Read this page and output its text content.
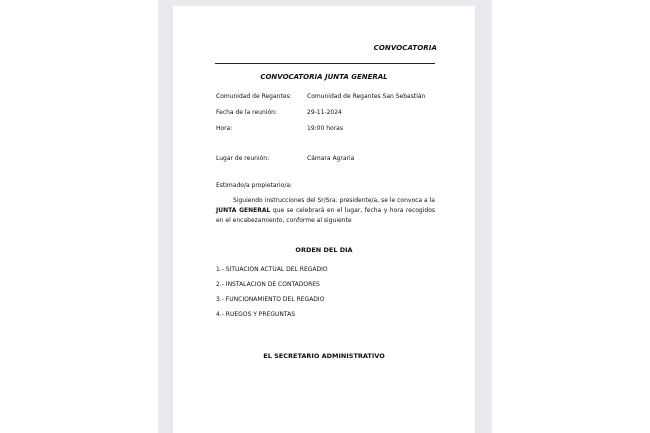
CONVOCATORIA
CONVOCATORIA JUNTA GENERAL
Comunidad de Regantes:	Comunidad de Regantes San Sebastián
Fecha de la reunión:	29-11-2024
Hora:	19:00 horas
Lugar de reunión:	Cámara Agraria
Estimado/a propietario/a:
Siguiendo instrucciones del Sr/Sra. presidente/a, se le convoca a la JUNTA GENERAL que se celebrará en el lugar, fecha y hora recogidos en el encabezamiento, conforme al siguiente
ORDEN DEL DIA
1.- SITUACION ACTUAL DEL REGADIO
2.- INSTALACION DE CONTADORES
3.- FUNCIONAMIENTO DEL REGADIO
4.- RUEGOS Y PREGUNTAS
EL SECRETARIO ADMINISTRATIVO
